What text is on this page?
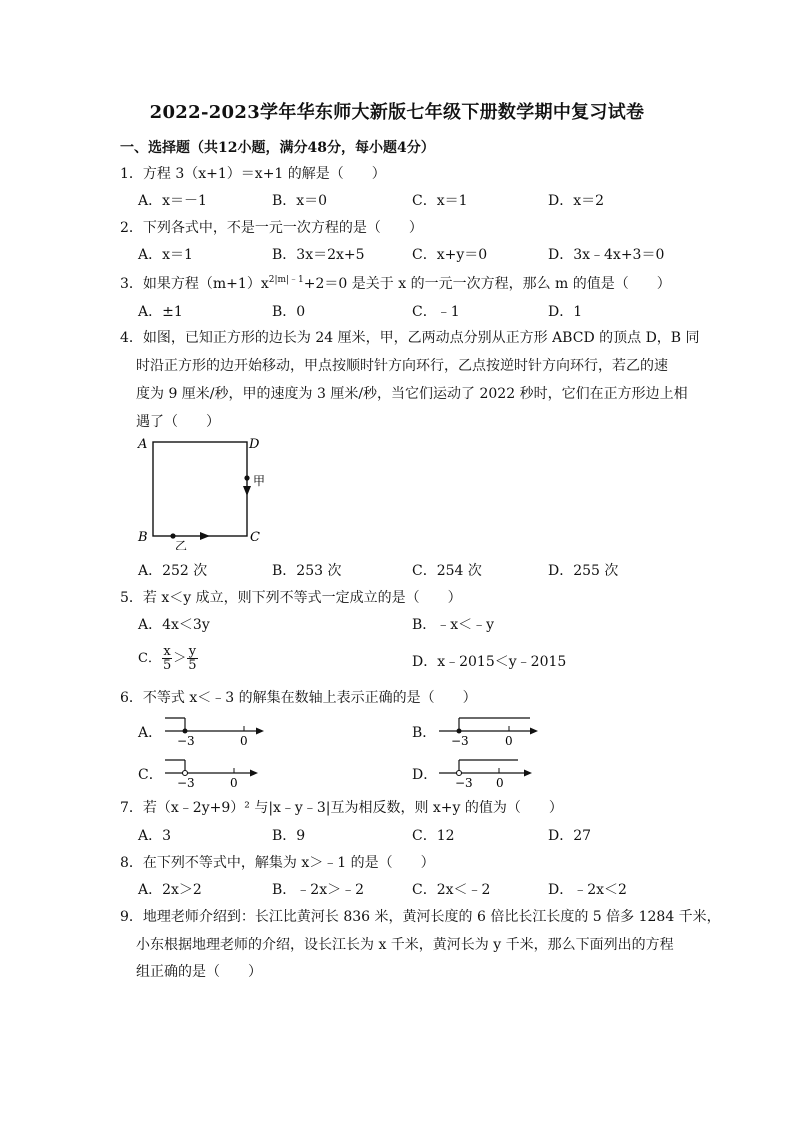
2022-2023学年华东师大新版七年级下册数学期中复习试卷
一、选择题（共12小题，满分48分，每小题4分）
1．方程 3（x+1）＝x+1 的解是（　　）
A．x＝－1	B．x＝0	C．x＝1	D．x＝2
2．下列各式中，不是一元一次方程的是（　　）
A．x＝1	B．3x＝2x+5	C．x+y＝0	D．3x﹣4x+3＝0
3．如果方程$(m+1)x^{2|m|﹣1}+2=0$ 是关于 x 的一元一次方程，那么 m 的值是（　　）
A．±1	B．0	C．﹣1	D．1
4．如图，已知正方形的边长为 24 厘米，甲，乙两动点分别从正方形 ABCD 的顶点 D，B 同
时沿正方形的边开始移动，甲点按顺时针方向环行，乙点按逆时针方向环行，若乙的速
度为 9 厘米/秒，甲的速度为 3 厘米/秒，当它们运动了 2022 秒时，它们在正方形边上相
遇了（　　）
A	D
B	C
甲
乙
A．252 次	B．253 次	C．254 次	D．255 次
5．若 x＜y 成立，则下列不等式一定成立的是（　　）
A．4x＜3y	B．﹣x＜﹣y
C． $\frac{x}{5} > \frac{y}{5}$	D．x﹣2015＜y﹣2015
6．不等式 x＜﹣3 的解集在数轴上表示正确的是（　　）
A． −3	0	B． −3	0
C． −3	0	D． −3 0
7．若（x﹣2y+9）² 与|x﹣y﹣3|互为相反数，则 x+y 的值为（　　）
A．3	B．9	C．12	D．27
8．在下列不等式中，解集为 x＞﹣1 的是（　　）
A．2x＞2	B．﹣2x＞﹣2	C．2x＜﹣2	D．﹣2x＜2
9．地理老师介绍到：长江比黄河长 836 米，黄河长度的 6 倍比长江长度的 5 倍多 1284 千米，
小东根据地理老师的介绍，设长江长为 x 千米，黄河长为 y 千米，那么下面列出的方程
组正确的是（　　）
